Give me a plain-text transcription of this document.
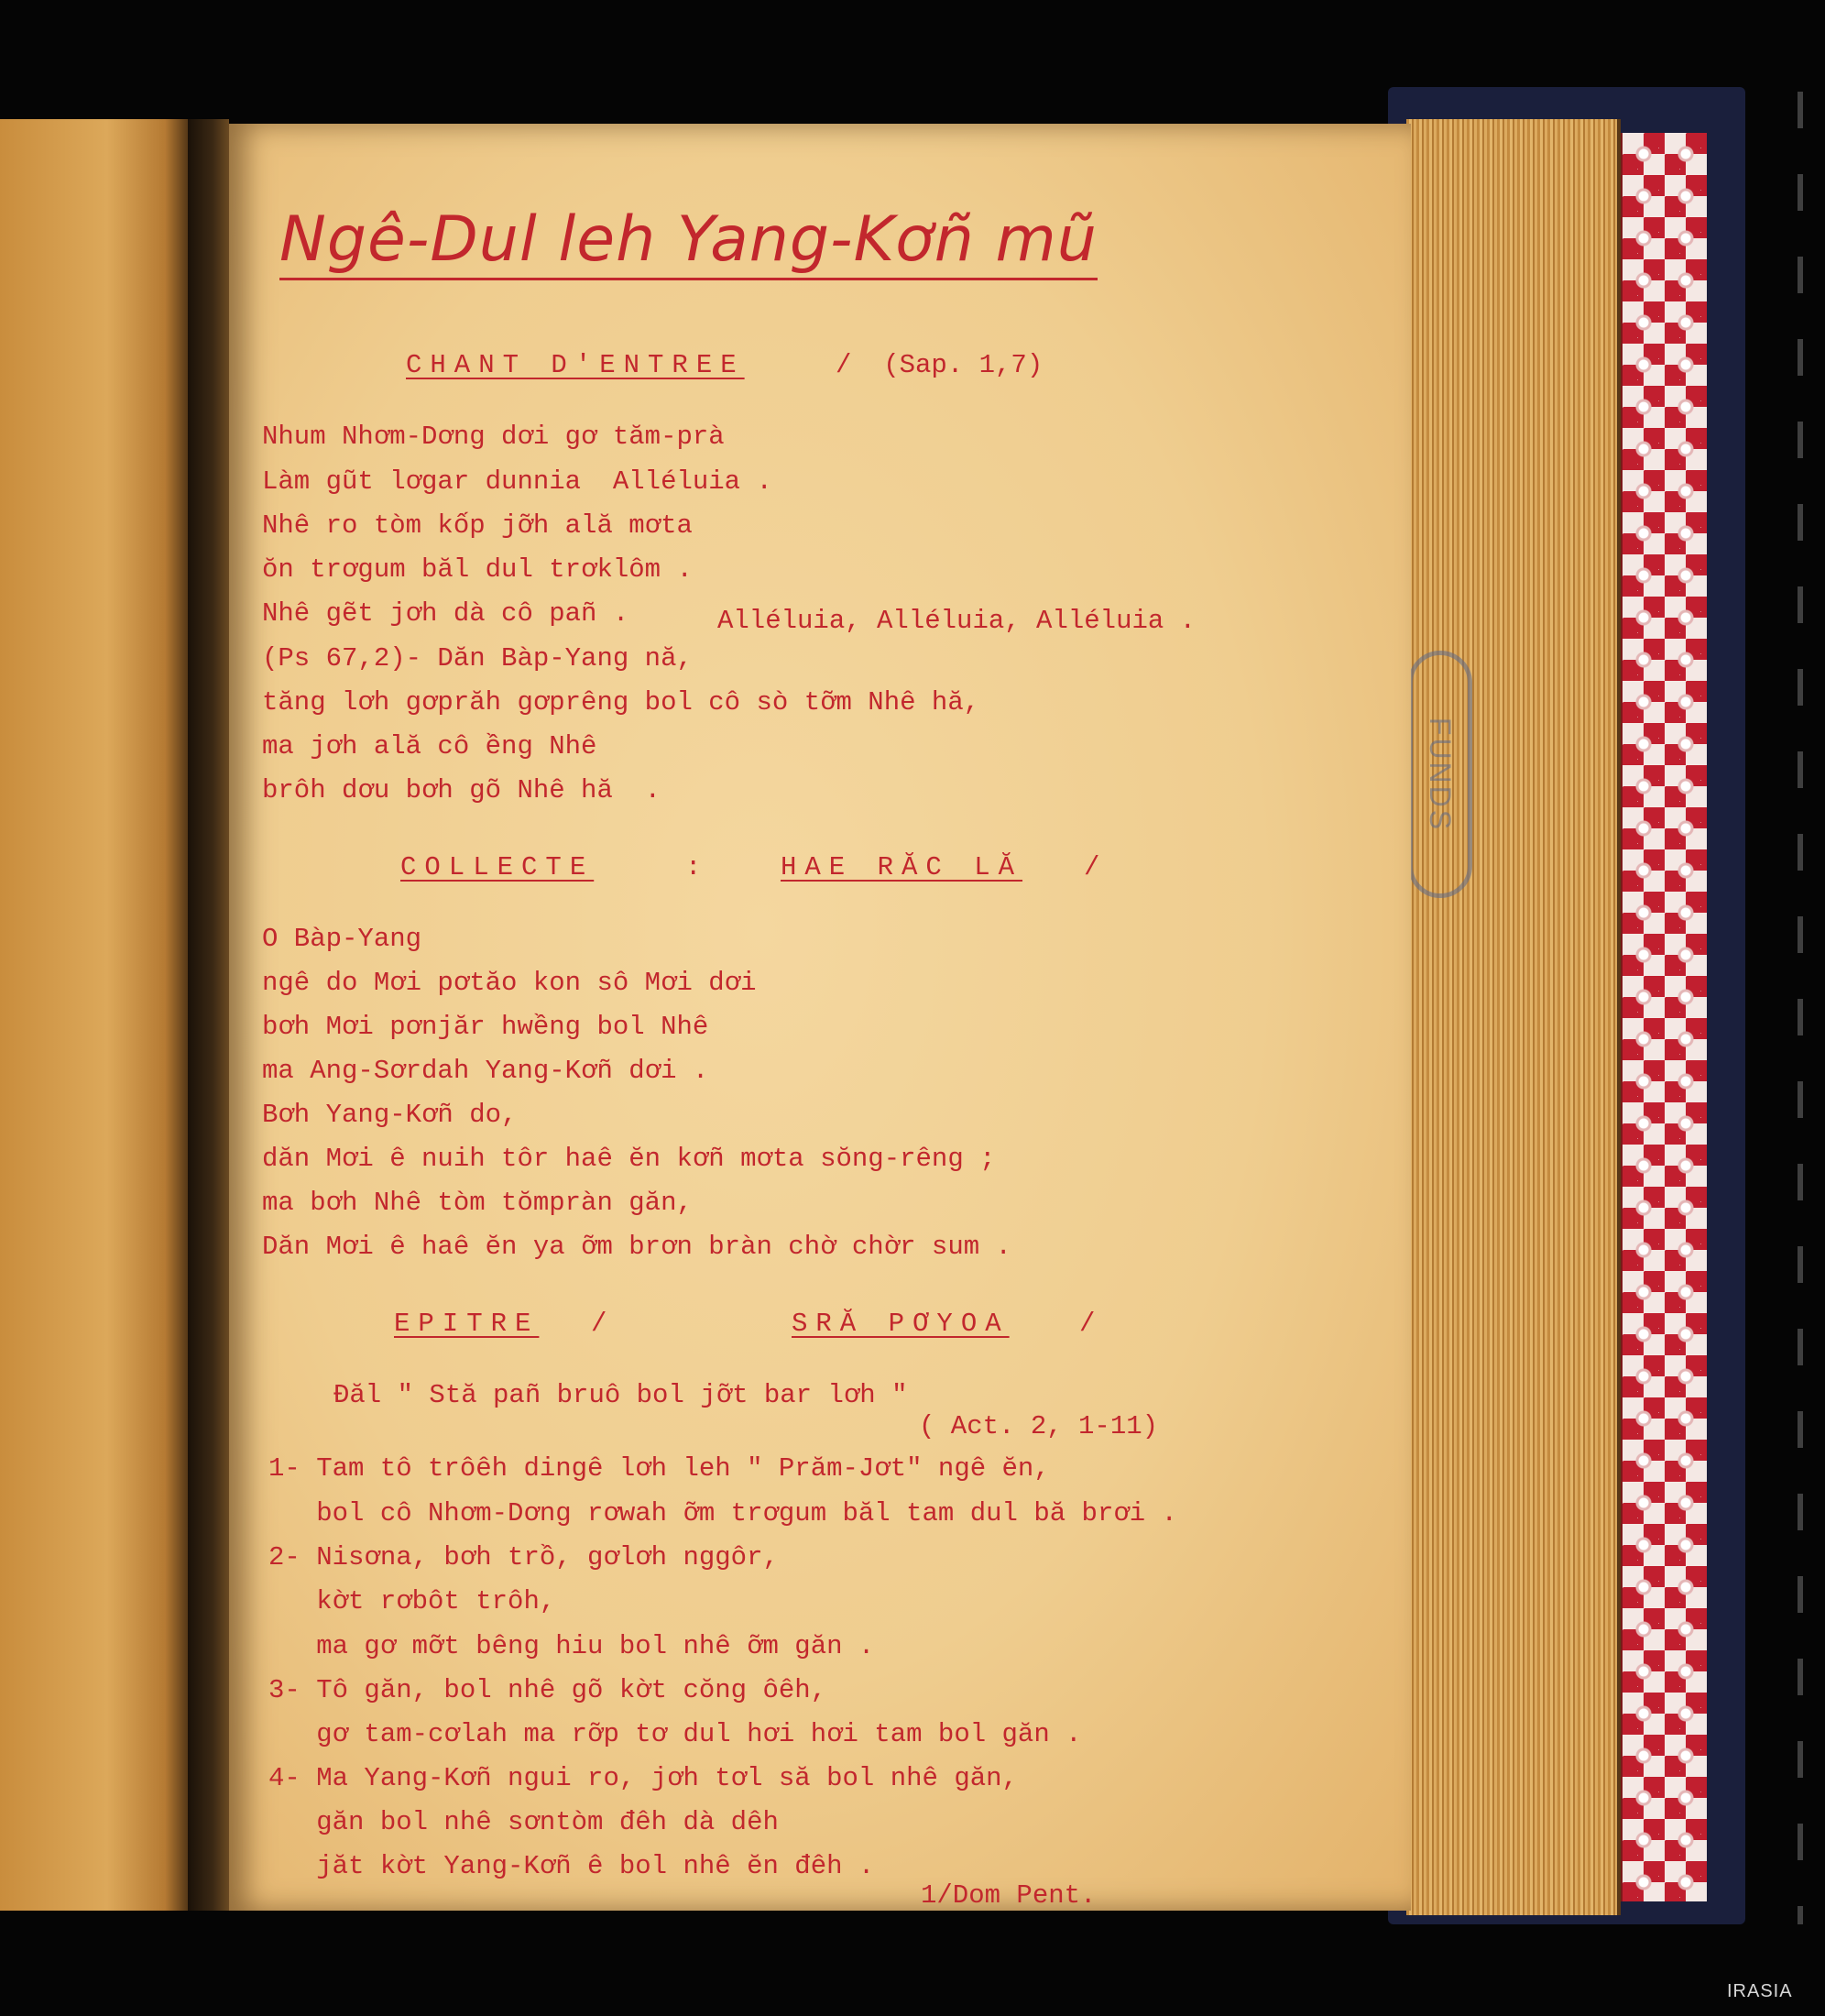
FUNDS
Ngê-Dul leh Yang-Kơñ mũ
CHANT D'ENTREE	/  (Sap. 1,7)
Nhum Nhơm-Dơng dơi gơ tăm-prà
Làm gũt lơgar dunnia  Alléluia .
Nhê ro tòm kốp jỡh ală mơta
ŏn trơgum băl dul trơklôm .
Nhê gẽt jơh dà cô pañ .	Alléluia, Alléluia, Alléluia .
(Ps 67,2)- Dăn Bàp-Yang nă,
tăng lơh gơprăh gơprêng bol cô sò tỡm Nhê hă,
ma jơh ală cô ềng Nhê
brôh dơu bơh gõ Nhê hă  .
COLLECTE	:	HAE RĂC LĂ /
O Bàp-Yang
ngê do Mơi pơtăo kon sô Mơi dơi
bơh Mơi pơnjăr hwềng bol Nhê
ma Ang-Sơrdah Yang-Kơñ dơi .
Bơh Yang-Kơñ do,
dăn Mơi ê nuih tôr haê ĕn kơñ mơta sŏng-rêng ;
ma bơh Nhê tòm tŏmpràn găn,
Dăn Mơi ê haê ĕn ya ỡm brơn bràn chờ chờr sum .
EPITRE /	SRĂ PƠYOA	/
Đăl " Stă pañ bruô bol jỡt bar lơh "
( Act. 2, 1-11)
1- Tam tô trôêh dingê lơh leh " Prăm-Jơt" ngê ĕn,
bol cô Nhơm-Dơng rơwah ỡm trơgum băl tam dul bă brơi .
2- Nisơna, bơh trồ, gơlơh nggôr,
kờt rơbôt trôh,
ma gơ mỡt bêng hiu bol nhê ỡm găn .
3- Tô găn, bol nhê gõ kờt cŏng ôêh,
gơ tam-cơlah ma rỡp tơ dul hơi hơi tam bol găn .
4- Ma Yang-Kơñ ngui ro, jơh tơl să bol nhê găn,
găn bol nhê sơntòm đêh dà dêh
jăt kờt Yang-Kơñ ê bol nhê ĕn đêh .
1/Dom Pent.
IRASIA
